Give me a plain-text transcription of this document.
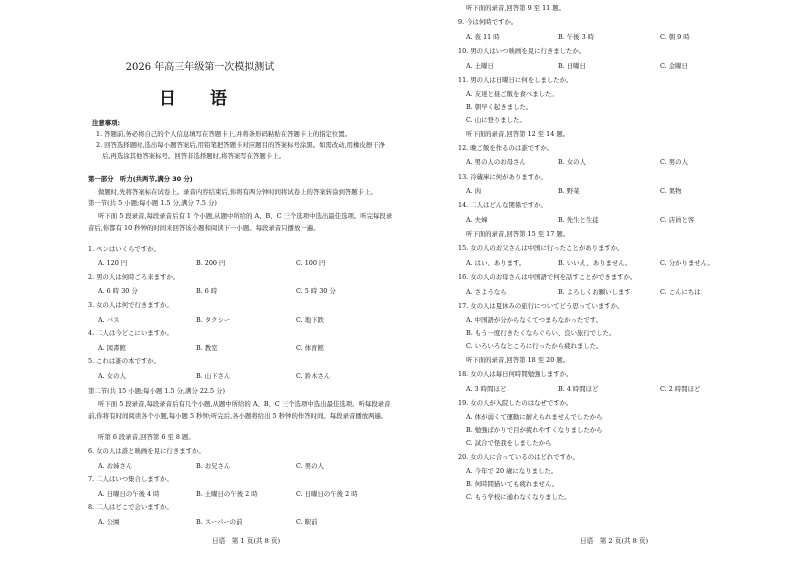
2026 年高三年级第一次模拟测试
日 语
注意事项:
1. 答题前,务必将自己的个人信息填写在答题卡上,并将条形码粘贴在答题卡上的指定位置。
2. 回答选择题时,选出每小题答案后,用铅笔把答题卡对应题目的答案标号涂黑。如需改动,用橡皮擦干净后,再选涂其他答案标号。回答非选择题时,将答案写在答题卡上。
第一部分　听力(共两节,满分 30 分)
做题时,先将答案标在试卷上。录音内容结束后,你将有两分钟时间将试卷上的答案转涂到答题卡上。
第一节(共 5 小题;每小题 1.5 分,满分 7.5 分)
听下面 5 段录音,每段录音后有 1 个小题,从题中所给的 A、B、C 三个选项中选出最佳选项。听完每段录音后,你都有 10 秒钟的时间来回答该小题和阅读下一小题。每段录音只播放一遍。
1. ペンはいくらですか。
A. 120 円	B. 200 円	C. 100 円
2. 男の人は何時ごろ来ますか。
A. 6 時 30 分	B. 6 時	C. 5 時 30 分
3. 女の人は何で行きますか。
A. バス	B. タクシー	C. 地下鉄
4. 二人は今どこにいますか。
A. 図書館	B. 教室	C. 体育館
5. これは誰の本ですか。
A. 女の人	B. 山下さん	C. 鈴木さん
第二节(共 15 小题;每小题 1.5 分,满分 22.5 分)
听下面 5 段录音,每段录音后有几个小题,从题中所给的 A、B、C 三个选项中选出最佳选项。听每段录音前,你将有时间阅读各个小题,每小题 5 秒钟;听完后,各小题将给出 5 秒钟的作答时间。每段录音播放两遍。
听第 6 段录音,回答第 6 至 8 题。
6. 女の人は誰と映画を見に行きますか。
A. お姉さん	B. お兄さん	C. 男の人
7. 二人はいつ集合しますか。
A. 日曜日の午後 4 時	B. 土曜日の午後 2 時	C. 日曜日の午後 2 時
8. 二人はどこで会いますか。
A. 公園	B. スーパーの前	C. 駅前
日语　第 1 页(共 8 页)
听下面的录音,回答第 9 至 11 题。
9. 今は何時ですか。
A. 夜 11 時	B. 午後 3 時	C. 朝 9 時
10. 男の人はいつ映画を見に行きましたか。
A. 土曜日	B. 日曜日	C. 金曜日
11. 男の人は日曜日に何をしましたか。
A. 友達と昼ご飯を食べました。
B. 朝早く起きました。
C. 山に登りました。
听下面的录音,回答第 12 至 14 题。
12. 晩ご飯を作るのは誰ですか。
A. 男の人のお母さん	B. 女の人	C. 男の人
13. 冷蔵庫に何がありますか。
A. 肉	B. 野菜	C. 果物
14. 二人はどんな関係ですか。
A. 夫婦	B. 先生と生徒	C. 店員と客
听下面的录音,回答第 15 至 17 题。
15. 女の人のお父さんは中国に行ったことがありますか。
A. はい、あります。	B. いいえ、ありません。	C. 分かりません。
16. 女の人のお母さんは中国語で何を話すことができますか。
A. さようなら	B. よろしくお願いします	C. こんにちは
17. 女の人は夏休みの旅行についてどう思っていますか。
A. 中国語が分からなくてつまらなかったです。
B. もう一度行きたくならぐらい、良い旅行でした。
C. いろいろなところに行ったから疲れました。
听下面的录音,回答第 18 至 20 题。
18. 女の人は毎日何時間勉強しますか。
A. 3 時間ほど	B. 4 時間ほど	C. 2 時間ほど
19. 女の人が入院したのはなぜですか。
A. 体が弱くて運動に耐えられませんでしたから
B. 勉強ばかりで目が疲れやすくなりましたから
C. 試合で怪我をしましたから
20. 女の人に合っているのはどれですか。
A. 今年で 20 歳になりました。
B. 何時間猫いても疲れません。
C. もう学校に通わなくなりました。
日语　第 2 页(共 8 页)
